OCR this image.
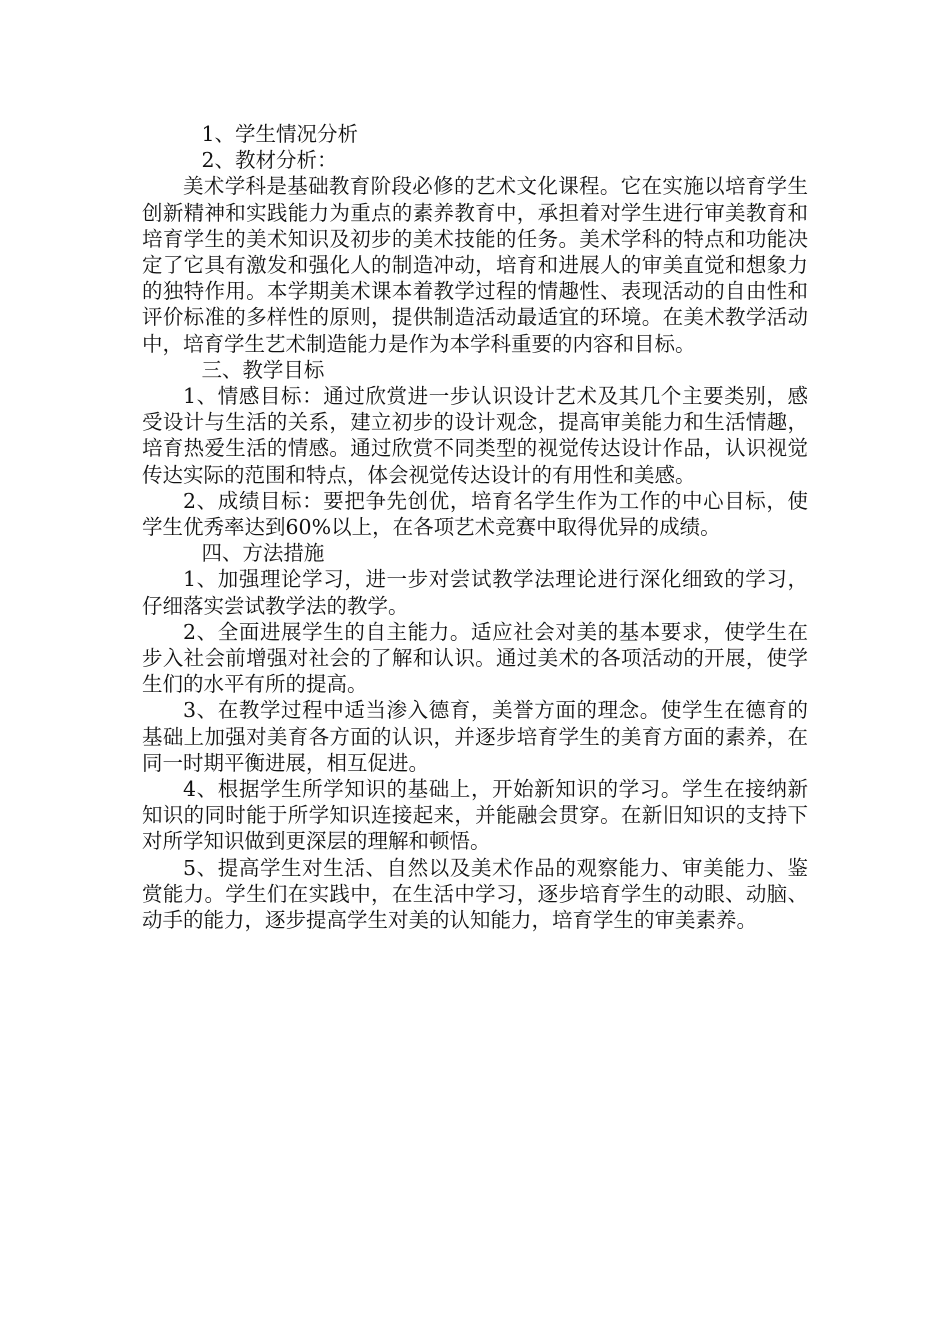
1、学生情况分析

2、教材分析：

美术学科是基础教育阶段必修的艺术文化课程。它在实施以培育学生创新精神和实践能力为重点的素养教育中，承担着对学生进行审美教育和培育学生的美术知识及初步的美术技能的任务。美术学科的特点和功能决定了它具有激发和强化人的制造冲动，培育和进展人的审美直觉和想象力的独特作用。本学期美术课本着教学过程的情趣性、表现活动的自由性和评价标准的多样性的原则，提供制造活动最适宜的环境。在美术教学活动中，培育学生艺术制造能力是作为本学科重要的内容和目标。

三、教学目标

1、情感目标：通过欣赏进一步认识设计艺术及其几个主要类别，感受设计与生活的关系，建立初步的设计观念，提高审美能力和生活情趣，培育热爱生活的情感。通过欣赏不同类型的视觉传达设计作品，认识视觉传达实际的范围和特点，体会视觉传达设计的有用性和美感。

2、成绩目标：要把争先创优，培育名学生作为工作的中心目标，使学生优秀率达到60%以上，在各项艺术竞赛中取得优异的成绩。

四、方法措施

1、加强理论学习，进一步对尝试教学法理论进行深化细致的学习，仔细落实尝试教学法的教学。

2、全面进展学生的自主能力。适应社会对美的基本要求，使学生在步入社会前增强对社会的了解和认识。通过美术的各项活动的开展，使学生们的水平有所的提高。

3、在教学过程中适当渗入德育，美誉方面的理念。使学生在德育的基础上加强对美育各方面的认识，并逐步培育学生的美育方面的素养，在同一时期平衡进展，相互促进。

4、根据学生所学知识的基础上，开始新知识的学习。学生在接纳新知识的同时能于所学知识连接起来，并能融会贯穿。在新旧知识的支持下对所学知识做到更深层的理解和顿悟。

5、提高学生对生活、自然以及美术作品的观察能力、审美能力、鉴赏能力。学生们在实践中，在生活中学习，逐步培育学生的动眼、动脑、动手的能力，逐步提高学生对美的认知能力，培育学生的审美素养。
